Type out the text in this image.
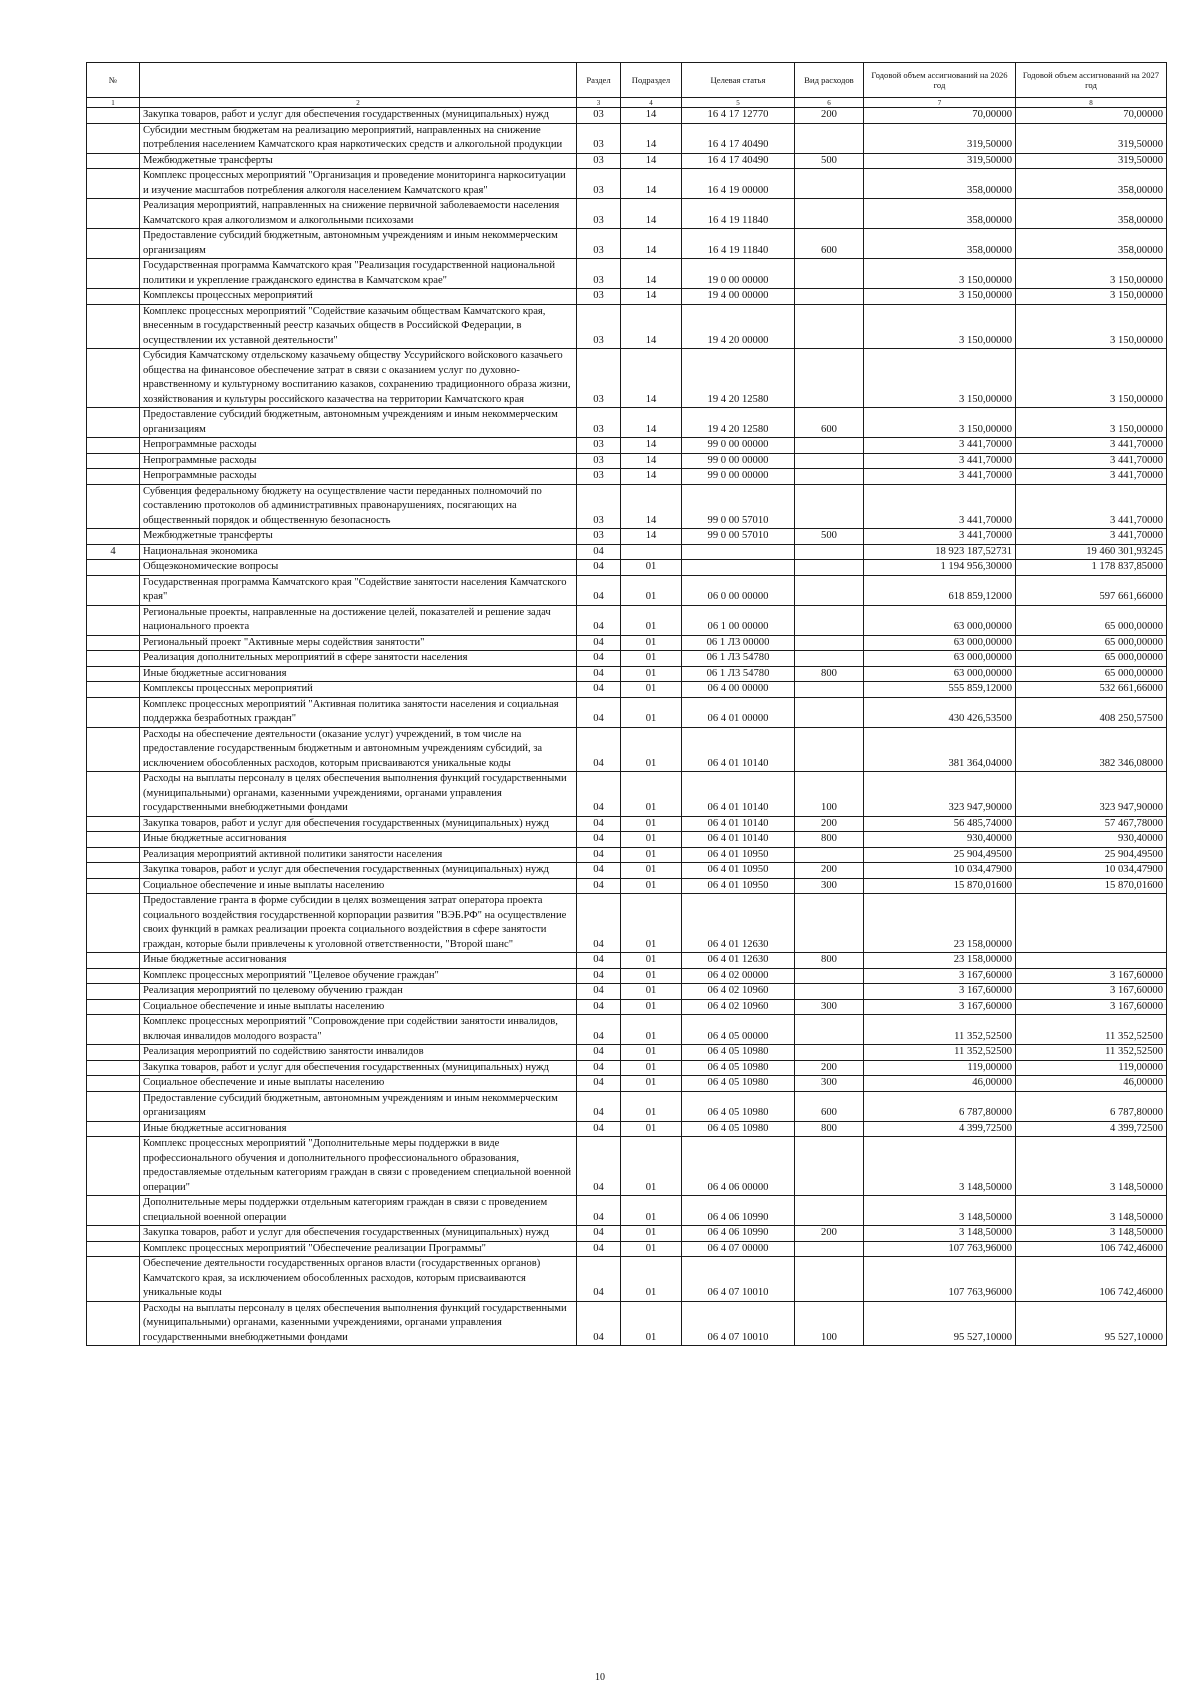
№		Раздел	Подраздел	Целевая статья	Вид расходов	Годовой объем ассигнований на 2026 год	Годовой объем ассигнований на 2027 год
1	2	3	4	5	6	7	8
	Закупка товаров, работ и услуг для обеспечения государственных (муниципальных) нужд	03	14	16 4 17 12770	200	70,00000	70,00000
	Субсидии местным бюджетам на реализацию мероприятий, направленных на снижение потребления населением Камчатского края наркотических средств и алкогольной продукции	03	14	16 4 17 40490		319,50000	319,50000
	Межбюджетные трансферты	03	14	16 4 17 40490	500	319,50000	319,50000
	Комплекс процессных мероприятий "Организация и проведение мониторинга наркоситуации и изучение масштабов потребления алкоголя населением Камчатского края"	03	14	16 4 19 00000		358,00000	358,00000
	Реализация мероприятий, направленных на снижение первичной заболеваемости населения Камчатского края алкоголизмом и алкогольными психозами	03	14	16 4 19 11840		358,00000	358,00000
	Предоставление субсидий бюджетным, автономным учреждениям и иным некоммерческим организациям	03	14	16 4 19 11840	600	358,00000	358,00000
	Государственная программа Камчатского края "Реализация государственной национальной политики и укрепление гражданского единства в Камчатском крае"	03	14	19 0 00 00000		3 150,00000	3 150,00000
	Комплексы процессных мероприятий	03	14	19 4 00 00000		3 150,00000	3 150,00000
	Комплекс процессных мероприятий "Содействие казачьим обществам Камчатского края, внесенным в государственный реестр казачьих обществ в Российской Федерации, в осуществлении их уставной деятельности"	03	14	19 4 20 00000		3 150,00000	3 150,00000
	Субсидия Камчатскому отдельскому казачьему обществу Уссурийского войскового казачьего общества на финансовое обеспечение затрат в связи с оказанием услуг по духовно-нравственному и культурному воспитанию казаков, сохранению традиционного образа жизни, хозяйствования и культуры российского казачества на территории Камчатского края	03	14	19 4 20 12580		3 150,00000	3 150,00000
	Предоставление субсидий бюджетным, автономным учреждениям и иным некоммерческим организациям	03	14	19 4 20 12580	600	3 150,00000	3 150,00000
	Непрограммные расходы	03	14	99 0 00 00000		3 441,70000	3 441,70000
	Непрограммные расходы	03	14	99 0 00 00000		3 441,70000	3 441,70000
	Непрограммные расходы	03	14	99 0 00 00000		3 441,70000	3 441,70000
	Субвенция федеральному бюджету на осуществление части переданных полномочий по составлению протоколов об административных правонарушениях, посягающих на общественный порядок и общественную безопасность	03	14	99 0 00 57010		3 441,70000	3 441,70000
	Межбюджетные трансферты	03	14	99 0 00 57010	500	3 441,70000	3 441,70000
4	Национальная экономика	04				18 923 187,52731	19 460 301,93245
	Общеэкономические вопросы	04	01			1 194 956,30000	1 178 837,85000
	Государственная программа Камчатского края "Содействие занятости населения Камчатского края"	04	01	06 0 00 00000		618 859,12000	597 661,66000
	Региональные проекты, направленные на достижение целей, показателей и решение задач национального проекта	04	01	06 1 00 00000		63 000,00000	65 000,00000
	Региональный проект "Активные меры содействия занятости"	04	01	06 1 Л3 00000		63 000,00000	65 000,00000
	Реализация дополнительных мероприятий в сфере занятости населения	04	01	06 1 Л3 54780		63 000,00000	65 000,00000
	Иные бюджетные ассигнования	04	01	06 1 Л3 54780	800	63 000,00000	65 000,00000
	Комплексы процессных мероприятий	04	01	06 4 00 00000		555 859,12000	532 661,66000
	Комплекс процессных мероприятий "Активная политика занятости населения и социальная поддержка безработных граждан"	04	01	06 4 01 00000		430 426,53500	408 250,57500
	Расходы на обеспечение деятельности (оказание услуг) учреждений, в том числе на предоставление государственным бюджетным и автономным учреждениям субсидий, за исключением обособленных расходов, которым присваиваются уникальные коды	04	01	06 4 01 10140		381 364,04000	382 346,08000
	Расходы на выплаты персоналу в целях обеспечения выполнения функций государственными (муниципальными) органами, казенными учреждениями, органами управления государственными внебюджетными фондами	04	01	06 4 01 10140	100	323 947,90000	323 947,90000
	Закупка товаров, работ и услуг для обеспечения государственных (муниципальных) нужд	04	01	06 4 01 10140	200	56 485,74000	57 467,78000
	Иные бюджетные ассигнования	04	01	06 4 01 10140	800	930,40000	930,40000
	Реализация мероприятий активной политики занятости населения	04	01	06 4 01 10950		25 904,49500	25 904,49500
	Закупка товаров, работ и услуг для обеспечения государственных (муниципальных) нужд	04	01	06 4 01 10950	200	10 034,47900	10 034,47900
	Социальное обеспечение и иные выплаты населению	04	01	06 4 01 10950	300	15 870,01600	15 870,01600
	Предоставление гранта в форме субсидии в целях возмещения затрат оператора проекта социального воздействия государственной корпорации развития "ВЭБ.РФ" на осуществление своих функций в рамках реализации проекта социального воздействия в сфере занятости граждан, которые были привлечены к уголовной ответственности, "Второй шанс"	04	01	06 4 01 12630		23 158,00000	
	Иные бюджетные ассигнования	04	01	06 4 01 12630	800	23 158,00000	
	Комплекс процессных мероприятий "Целевое обучение граждан"	04	01	06 4 02 00000		3 167,60000	3 167,60000
	Реализация мероприятий по целевому обучению граждан	04	01	06 4 02 10960		3 167,60000	3 167,60000
	Социальное обеспечение и иные выплаты населению	04	01	06 4 02 10960	300	3 167,60000	3 167,60000
	Комплекс процессных мероприятий "Сопровождение при содействии занятости инвалидов, включая инвалидов молодого возраста"	04	01	06 4 05 00000		11 352,52500	11 352,52500
	Реализация мероприятий по содействию занятости инвалидов	04	01	06 4 05 10980		11 352,52500	11 352,52500
	Закупка товаров, работ и услуг для обеспечения государственных (муниципальных) нужд	04	01	06 4 05 10980	200	119,00000	119,00000
	Социальное обеспечение и иные выплаты населению	04	01	06 4 05 10980	300	46,00000	46,00000
	Предоставление субсидий бюджетным, автономным учреждениям и иным некоммерческим организациям	04	01	06 4 05 10980	600	6 787,80000	6 787,80000
	Иные бюджетные ассигнования	04	01	06 4 05 10980	800	4 399,72500	4 399,72500
	Комплекс процессных мероприятий "Дополнительные меры поддержки в виде профессионального обучения и дополнительного профессионального образования, предоставляемые отдельным категориям граждан в связи с проведением специальной военной операции"	04	01	06 4 06 00000		3 148,50000	3 148,50000
	Дополнительные меры поддержки отдельным категориям граждан в связи с проведением специальной военной операции	04	01	06 4 06 10990		3 148,50000	3 148,50000
	Закупка товаров, работ и услуг для обеспечения государственных (муниципальных) нужд	04	01	06 4 06 10990	200	3 148,50000	3 148,50000
	Комплекс процессных мероприятий "Обеспечение реализации Программы"	04	01	06 4 07 00000		107 763,96000	106 742,46000
	Обеспечение деятельности государственных органов власти (государственных органов) Камчатского края, за исключением обособленных расходов, которым присваиваются уникальные коды	04	01	06 4 07 10010		107 763,96000	106 742,46000
	Расходы на выплаты персоналу в целях обеспечения выполнения функций государственными (муниципальными) органами, казенными учреждениями, органами управления государственными внебюджетными фондами	04	01	06 4 07 10010	100	95 527,10000	95 527,10000
10
